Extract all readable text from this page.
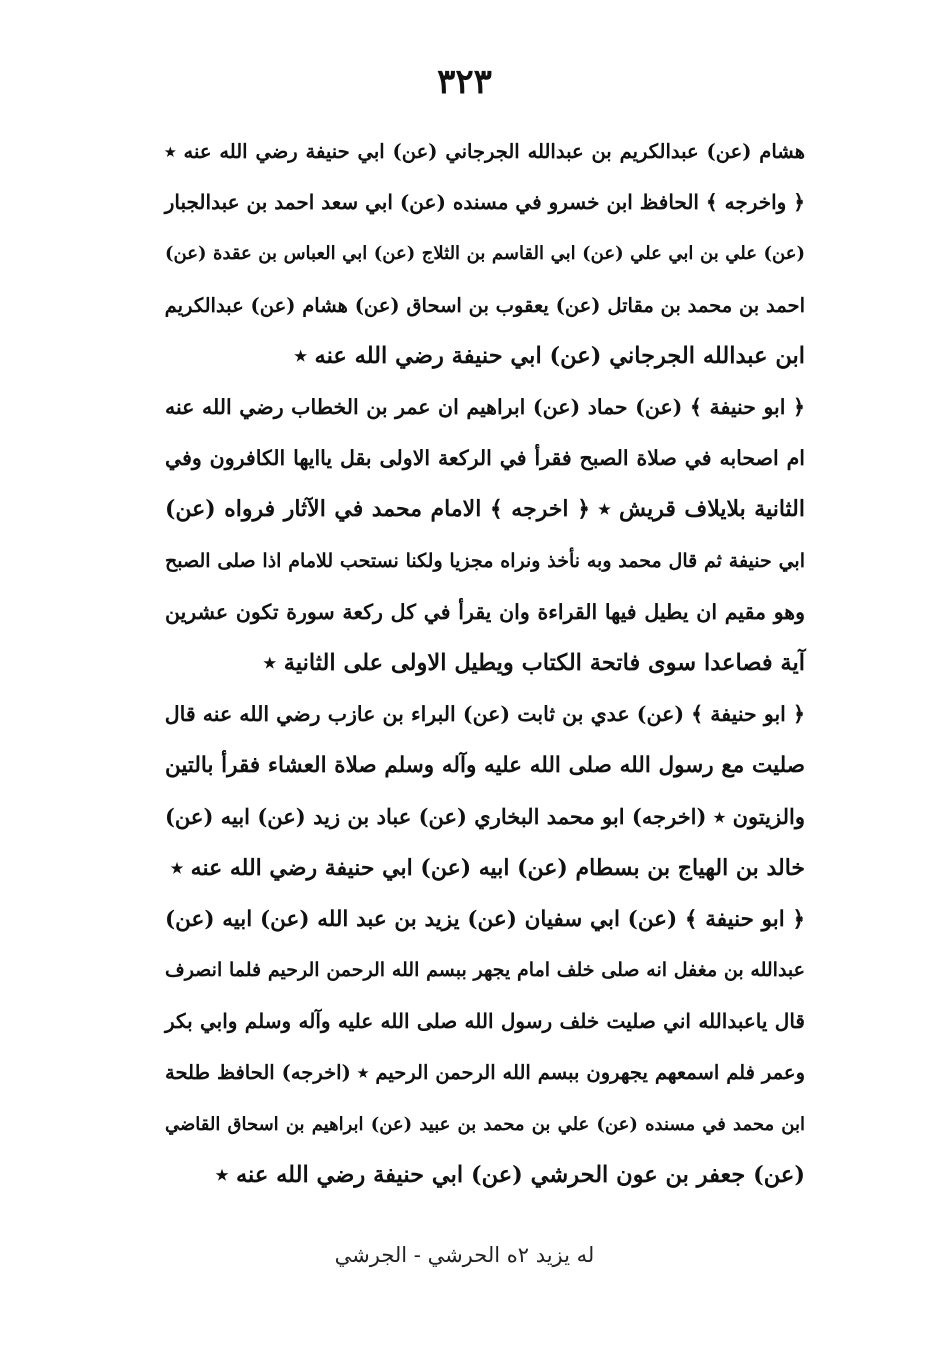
٣٢٣
هشام (عن) عبدالكريم بن عبدالله الجرجاني (عن) ابي حنيفة رضي الله عنه ٭
﴿ واخرجه ﴾ الحافظ ابن خسرو في مسنده (عن) ابي سعد احمد بن عبدالجبار
(عن) علي بن ابي علي (عن) ابي القاسم بن الثلاج (عن) ابي العباس بن عقدة (عن)
احمد بن محمد بن مقاتل (عن) يعقوب بن اسحاق (عن) هشام (عن) عبدالكريم
ابن عبدالله الجرجاني (عن) ابي حنيفة رضي الله عنه ٭
﴿ ابو حنيفة ﴾ (عن) حماد (عن) ابراهيم ان عمر بن الخطاب رضي الله عنه
ام اصحابه في صلاة الصبح فقرأ في الركعة الاولى بقل ياايها الكافرون وفي
الثانية بلايلاف قريش ٭ ﴿ اخرجه ﴾ الامام محمد في الآثار فرواه (عن)
ابي حنيفة ثم قال محمد وبه نأخذ ونراه مجزيا ولكنا نستحب للامام اذا صلى الصبح
وهو مقيم ان يطيل فيها القراءة وان يقرأ في كل ركعة سورة تكون عشرين
آية فصاعدا سوى فاتحة الكتاب ويطيل الاولى على الثانية ٭
﴿ ابو حنيفة ﴾ (عن) عدي بن ثابت (عن) البراء بن عازب رضي الله عنه قال
صليت مع رسول الله صلى الله عليه وآله وسلم صلاة العشاء فقرأ بالتين
والزيتون ٭ (اخرجه) ابو محمد البخاري (عن) عباد بن زيد (عن) ابيه (عن)
خالد بن الهياج بن بسطام (عن) ابيه (عن) ابي حنيفة رضي الله عنه ٭
﴿ ابو حنيفة ﴾ (عن) ابي سفيان (عن) يزيد بن عبد الله (عن) ابيه (عن)
عبدالله بن مغفل انه صلى خلف امام يجهر ببسم الله الرحمن الرحيم فلما انصرف
قال ياعبدالله اني صليت خلف رسول الله صلى الله عليه وآله وسلم وابي بكر
وعمر فلم اسمعهم يجهرون ببسم الله الرحمن الرحيم ٭ (اخرجه) الحافظ طلحة
ابن محمد في مسنده (عن) علي بن محمد بن عبيد (عن) ابراهيم بن اسحاق القاضي
(عن) جعفر بن عون الحرشي (عن) ابي حنيفة رضي الله عنه ٭
له يزيد ٢ه الحرشي - الجرشي
